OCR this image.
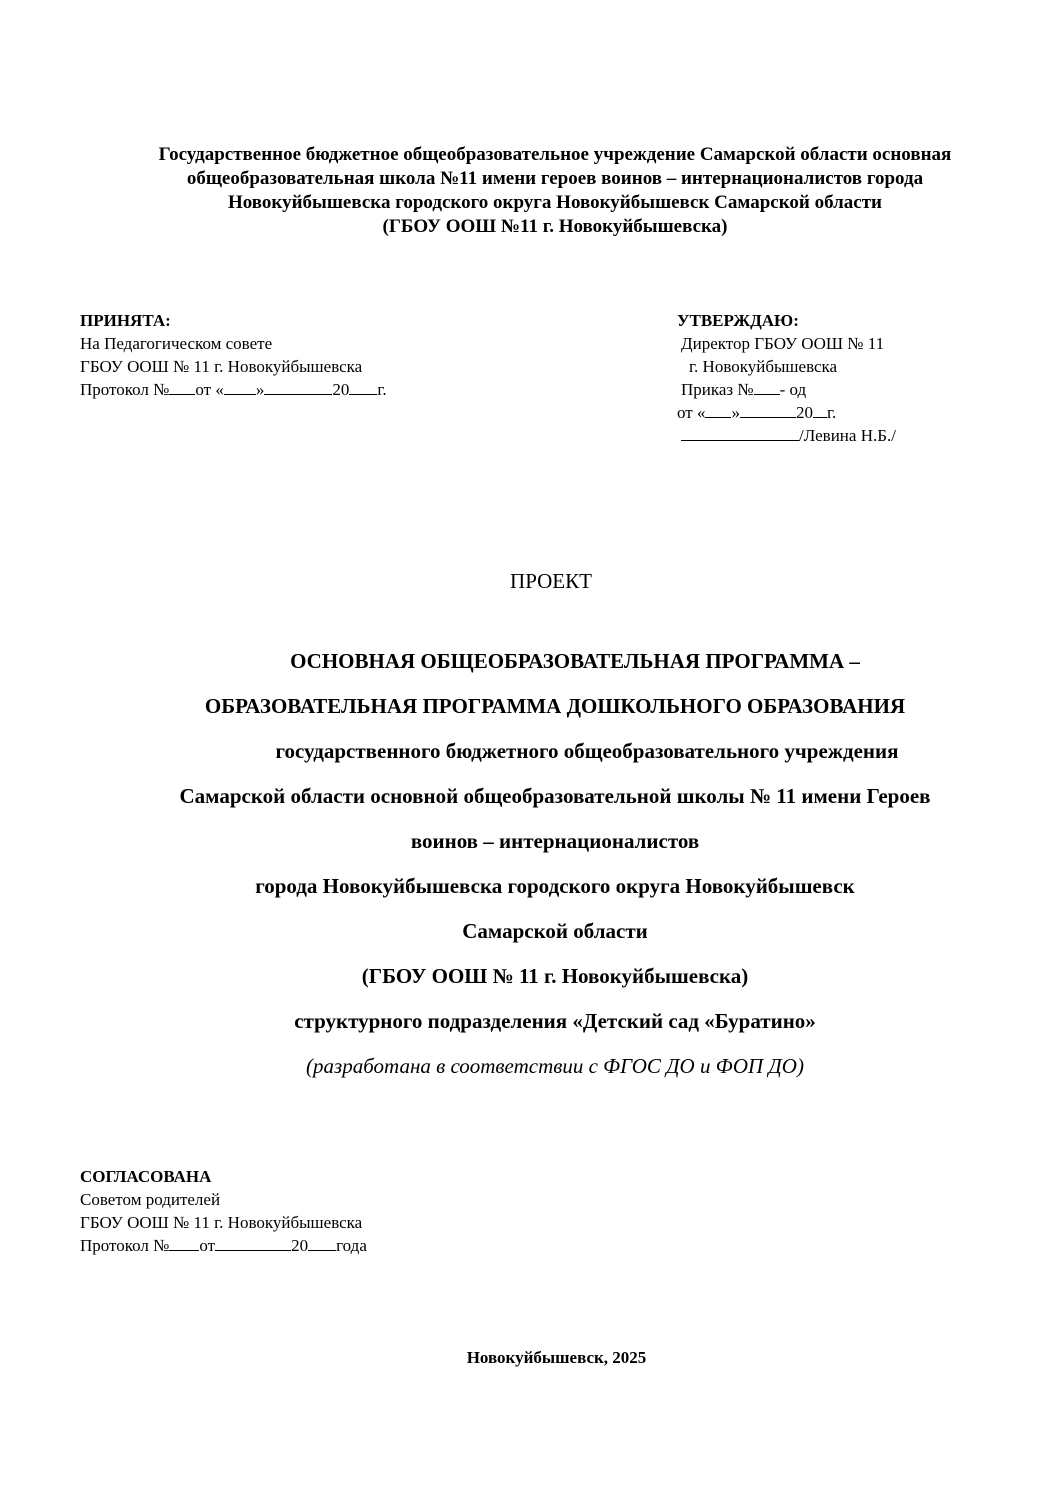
Государственное бюджетное общеобразовательное учреждение Самарской области основная
общеобразовательная школа №11 имени героев воинов – интернационалистов города
Новокуйбышевска городского округа Новокуйбышевск Самарской области
(ГБОУ ООШ №11 г. Новокуйбышевска)
ПРИНЯТА:
На Педагогическом совете
ГБОУ ООШ № 11 г. Новокуйбышевска
Протокол № от « »	20 г.
УТВЕРЖДАЮ:
Директор ГБОУ ООШ № 11
г. Новокуйбышевска
Приказ № - од
от « »	20 г.
/Левина Н.Б./
ПРОЕКТ
ОСНОВНАЯ ОБЩЕОБРАЗОВАТЕЛЬНАЯ ПРОГРАММА –
ОБРАЗОВАТЕЛЬНАЯ ПРОГРАММА ДОШКОЛЬНОГО ОБРАЗОВАНИЯ
государственного бюджетного общеобразовательного учреждения
Самарской области основной общеобразовательной школы № 11 имени Героев
воинов – интернационалистов
города Новокуйбышевска городского округа Новокуйбышевск
Самарской области
(ГБОУ ООШ № 11 г. Новокуйбышевска)
структурного подразделения «Детский сад «Буратино»
(разработана в соответствии с ФГОС ДО и ФОП ДО)
СОГЛАСОВАНА
Советом родителей
ГБОУ ООШ № 11 г. Новокуйбышевска
Протокол № от	20 года
Новокуйбышевск, 2025
